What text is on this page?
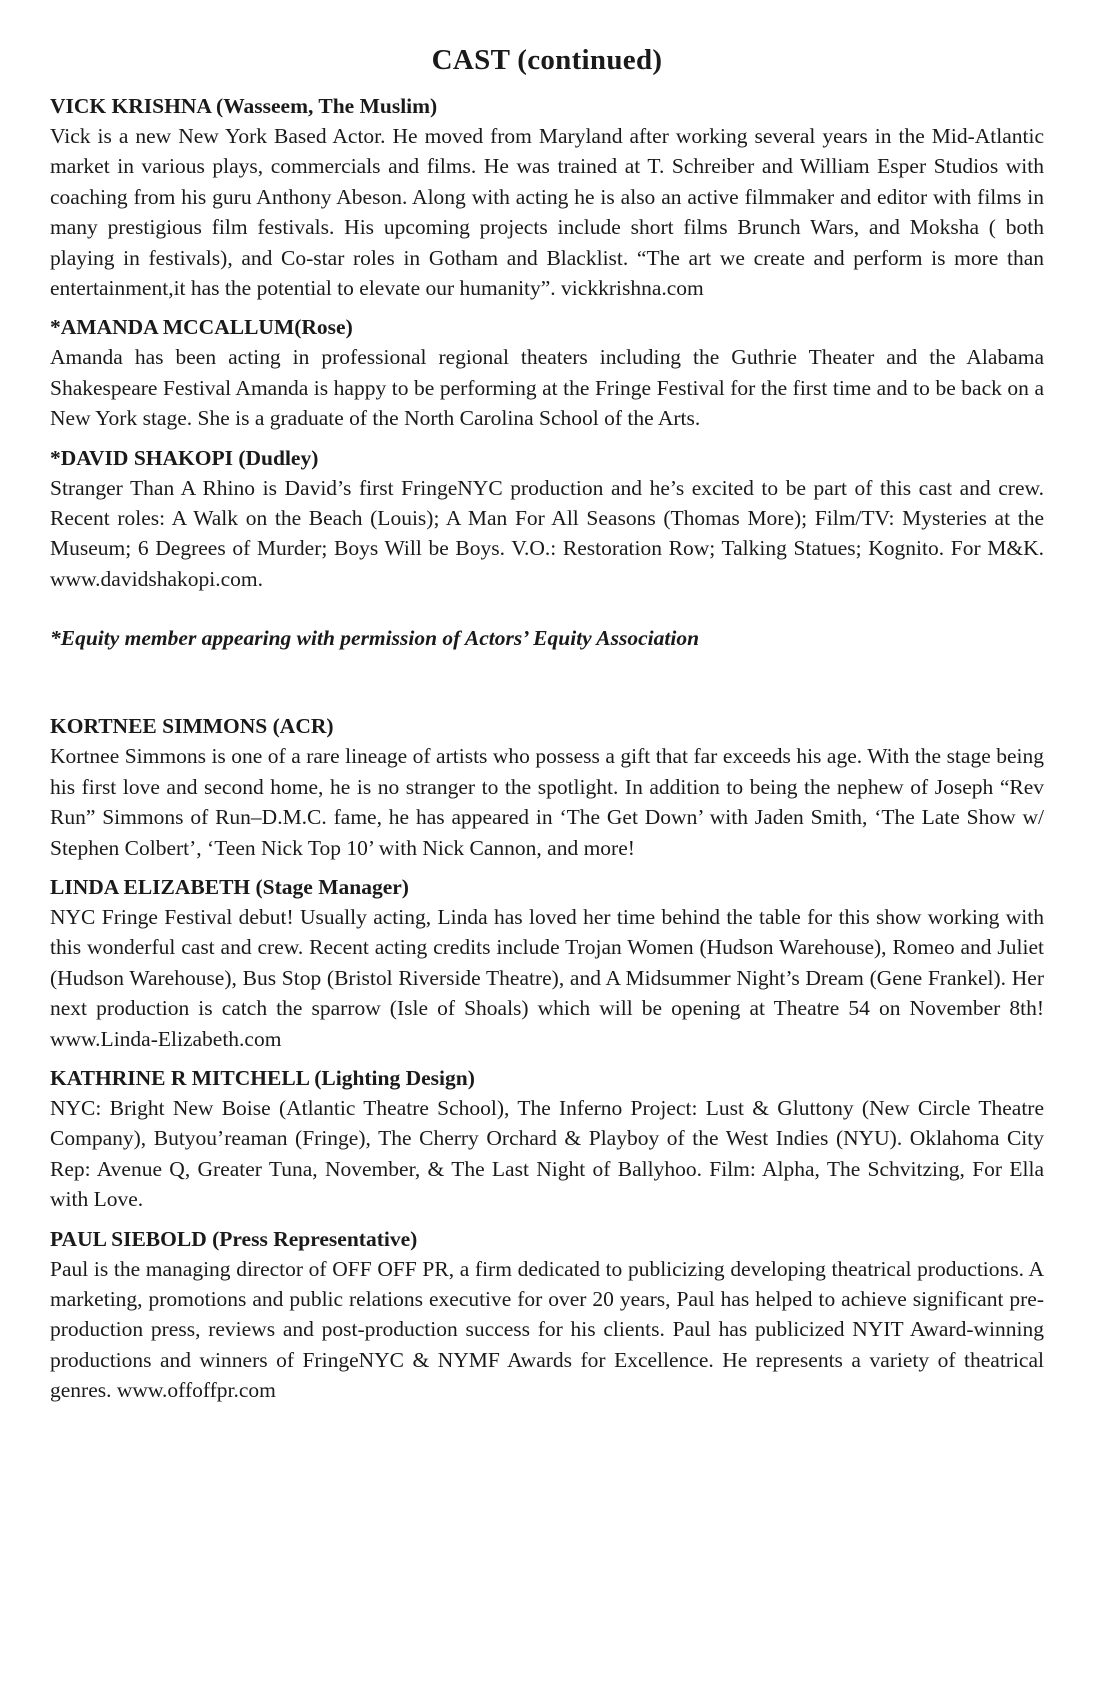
CAST (continued)

VICK KRISHNA (Wasseem, The Muslim)

Vick is a new New York Based Actor. He moved from Maryland after working several years in the Mid-Atlantic market in various plays, commercials and films. He was trained at T. Schreiber and William Esper Studios with coaching from his guru Anthony Abeson. Along with acting he is also an active filmmaker and editor with films in many prestigious film festivals. His upcoming projects include short films Brunch Wars, and Moksha ( both playing in festivals), and Co-star roles in Gotham and Blacklist. “The art we create and perform is more than entertainment,it has the potential to elevate our humanity”. vickkrishna.com

*AMANDA MCCALLUM(Rose)

Amanda has been acting in professional regional theaters including the Guthrie Theater and the Alabama Shakespeare Festival Amanda is happy to be performing at the Fringe Festival for the first time and to be back on a New York stage. She is a graduate of the North Carolina School of the Arts.

*DAVID SHAKOPI (Dudley)

Stranger Than A Rhino is David’s first FringeNYC production and he’s excited to be part of this cast and crew. Recent roles: A Walk on the Beach (Louis); A Man For All Seasons (Thomas More); Film/TV: Mysteries at the Museum; 6 Degrees of Murder; Boys Will be Boys. V.O.: Restoration Row; Talking Statues; Kognito. For M&K. www.davidshakopi.com.

*Equity member appearing with permission of Actors’ Equity Association

KORTNEE SIMMONS (ACR)

Kortnee Simmons is one of a rare lineage of artists who possess a gift that far exceeds his age. With the stage being his first love and second home, he is no stranger to the spotlight. In addition to being the nephew of Joseph “Rev Run” Simmons of Run–D.M.C. fame, he has appeared in ‘The Get Down’ with Jaden Smith, ‘The Late Show w/ Stephen Colbert’, ‘Teen Nick Top 10’ with Nick Cannon, and more!

LINDA ELIZABETH (Stage Manager)

NYC Fringe Festival debut! Usually acting, Linda has loved her time behind the table for this show working with this wonderful cast and crew. Recent acting credits include Trojan Women (Hudson Warehouse), Romeo and Juliet (Hudson Warehouse), Bus Stop (Bristol Riverside Theatre), and A Midsummer Night’s Dream (Gene Frankel). Her next production is catch the sparrow (Isle of Shoals) which will be opening at Theatre 54 on November 8th! www.Linda-Elizabeth.com

KATHRINE R MITCHELL (Lighting Design)

NYC: Bright New Boise (Atlantic Theatre School), The Inferno Project: Lust & Gluttony (New Circle Theatre Company), Butyou’reaman (Fringe), The Cherry Orchard & Playboy of the West Indies (NYU). Oklahoma City Rep: Avenue Q, Greater Tuna, November, & The Last Night of Ballyhoo. Film: Alpha, The Schvitzing, For Ella with Love.

PAUL SIEBOLD (Press Representative)

Paul is the managing director of OFF OFF PR, a firm dedicated to publicizing developing theatrical productions. A marketing, promotions and public relations executive for over 20 years, Paul has helped to achieve significant pre-production press, reviews and post-production success for his clients. Paul has publicized NYIT Award-winning productions and winners of FringeNYC & NYMF Awards for Excellence. He represents a variety of theatrical genres. www.offoffpr.com
